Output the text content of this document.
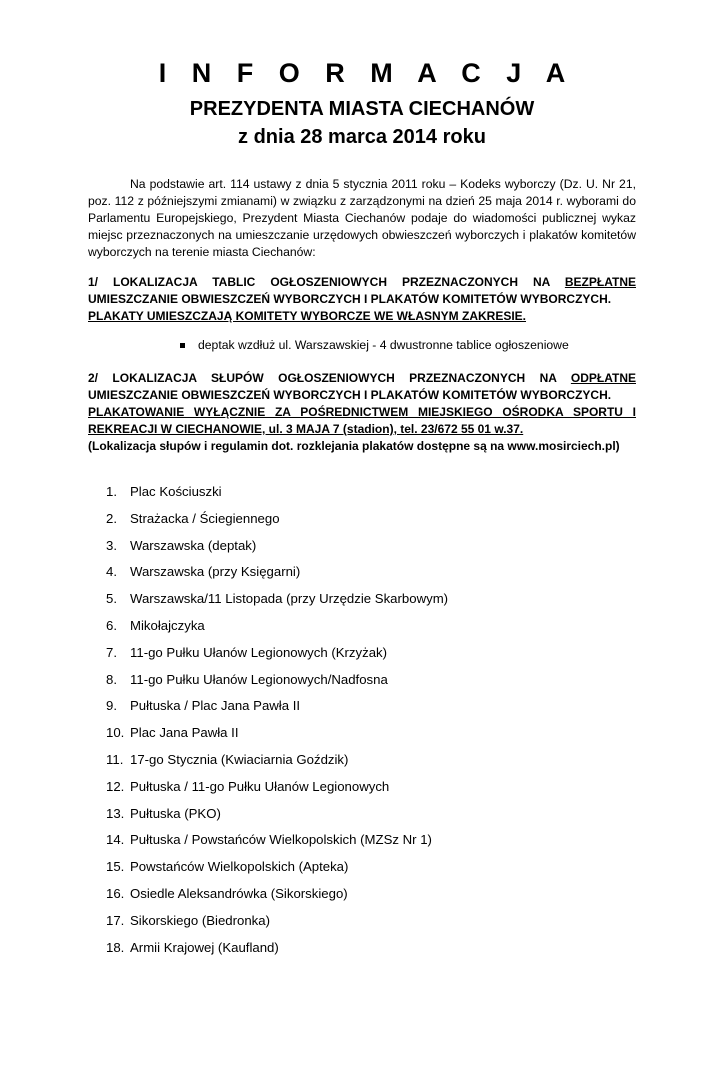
I N F O R M A C J A
PREZYDENTA MIASTA CIECHANÓW
z dnia 28 marca 2014 roku

Na podstawie art. 114 ustawy z dnia 5 stycznia 2011 roku – Kodeks wyborczy (Dz. U. Nr 21, poz. 112 z późniejszymi zmianami) w związku z zarządzonymi na dzień 25 maja 2014 r. wyborami do Parlamentu Europejskiego, Prezydent Miasta Ciechanów podaje do wiadomości publicznej wykaz miejsc przeznaczonych na umieszczanie urzędowych obwieszczeń wyborczych i plakatów komitetów wyborczych na terenie miasta Ciechanów:

1/ LOKALIZACJA TABLIC OGŁOSZENIOWYCH PRZEZNACZONYCH NA BEZPŁATNE UMIESZCZANIE OBWIESZCZEŃ WYBORCZYCH I PLAKATÓW KOMITETÓW WYBORCZYCH.
PLAKATY UMIESZCZAJĄ KOMITETY WYBORCZE WE WŁASNYM ZAKRESIE.
deptak wzdłuż ul. Warszawskiej - 4 dwustronne tablice ogłoszeniowe
2/ LOKALIZACJA SŁUPÓW OGŁOSZENIOWYCH PRZEZNACZONYCH NA ODPŁATNE UMIESZCZANIE OBWIESZCZEŃ WYBORCZYCH I PLAKATÓW KOMITETÓW WYBORCZYCH.
PLAKATOWANIE WYŁĄCZNIE ZA POŚREDNICTWEM MIEJSKIEGO OŚRODKA SPORTU I REKREACJI W CIECHANOWIE, ul. 3 MAJA 7 (stadion), tel. 23/672 55 01 w.37.
(Lokalizacja słupów i regulamin dot. rozklejania plakatów dostępne są na www.mosirciech.pl)
1. Plac Kościuszki
2. Strażacka / Ściegiennego
3. Warszawska (deptak)
4. Warszawska (przy Księgarni)
5. Warszawska/11 Listopada (przy Urzędzie Skarbowym)
6. Mikołajczyka
7. 11-go Pułku Ułanów Legionowych (Krzyżak)
8. 11-go Pułku Ułanów Legionowych/Nadfosna
9. Pułtuska / Plac Jana Pawła II
10. Plac Jana Pawła II
11. 17-go Stycznia (Kwiaciarnia Goździk)
12. Pułtuska / 11-go Pułku Ułanów Legionowych
13. Pułtuska (PKO)
14. Pułtuska / Powstańców Wielkopolskich (MZSz Nr 1)
15. Powstańców Wielkopolskich (Apteka)
16. Osiedle Aleksandrówka (Sikorskiego)
17. Sikorskiego (Biedronka)
18. Armii Krajowej (Kaufland)
